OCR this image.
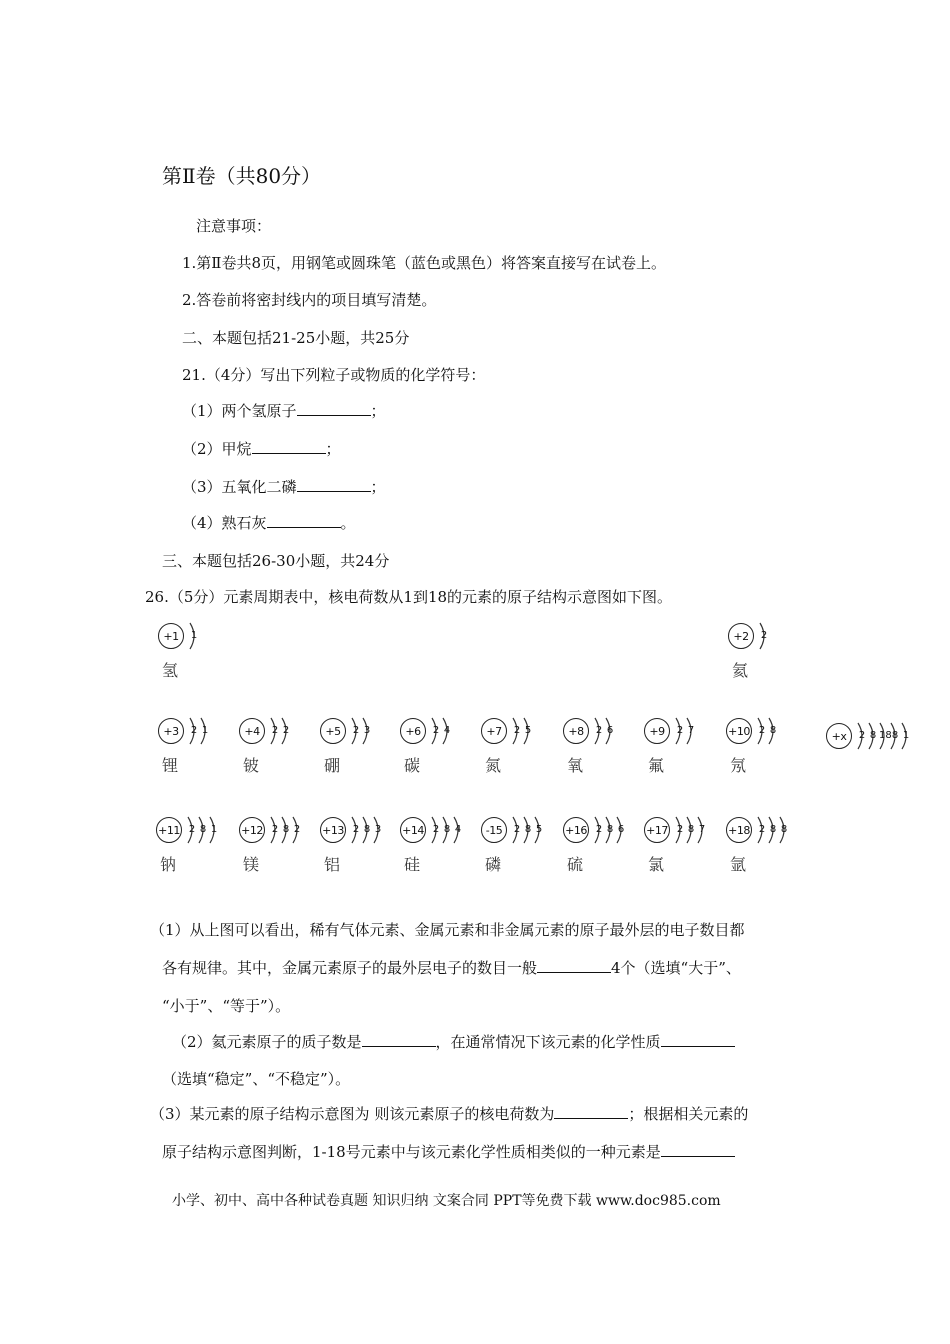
第Ⅱ卷（共80分）
注意事项：
1.第Ⅱ卷共8页，用钢笔或圆珠笔（蓝色或黑色）将答案直接写在试卷上。
2.答卷前将密封线内的项目填写清楚。
二、本题包括21-25小题，共25分
21.（4分）写出下列粒子或物质的化学符号：
（1）两个氢原子	；
（2）甲烷	；
（3）五氧化二磷	；
（4）熟石灰	。
三、本题包括26-30小题，共24分
26.（5分）元素周期表中，核电荷数从1到18的元素的原子结构示意图如下图。
+1	1
氢
+2	2
氦
+3	2 1
锂
+4	2 2
铍
+5	2 3
硼
+6	2 4
碳
+7	2 5
氮
+8	2 6
氧
+9	2 7
氟
+10 2 8
氖
+x	2 8 18 8 1
+11 2 8 1
钠
+12 2 8 2
镁
+13 2 8 3
铝
+14 2 8 4
硅
-15	2 8 5
磷
+16 2 8 6
硫
+17 2 8 7
氯
+18 2 8 8
氩
（1）从上图可以看出，稀有气体元素、金属元素和非金属元素的原子最外层的电子数目都
各有规律。其中，金属元素原子的最外层电子的数目一般	4个（选填“大于”、
“小于”、“等于”）。
（2）氦元素原子的质子数是	，在通常情况下该元素的化学性质
（选填“稳定”、“不稳定”）。
（3）某元素的原子结构示意图为 则该元素原子的核电荷数为	；根据相关元素的
原子结构示意图判断，1-18号元素中与该元素化学性质相类似的一种元素是
小学、初中、高中各种试卷真题 知识归纳 文案合同 PPT等免费下载 www.doc985.com
